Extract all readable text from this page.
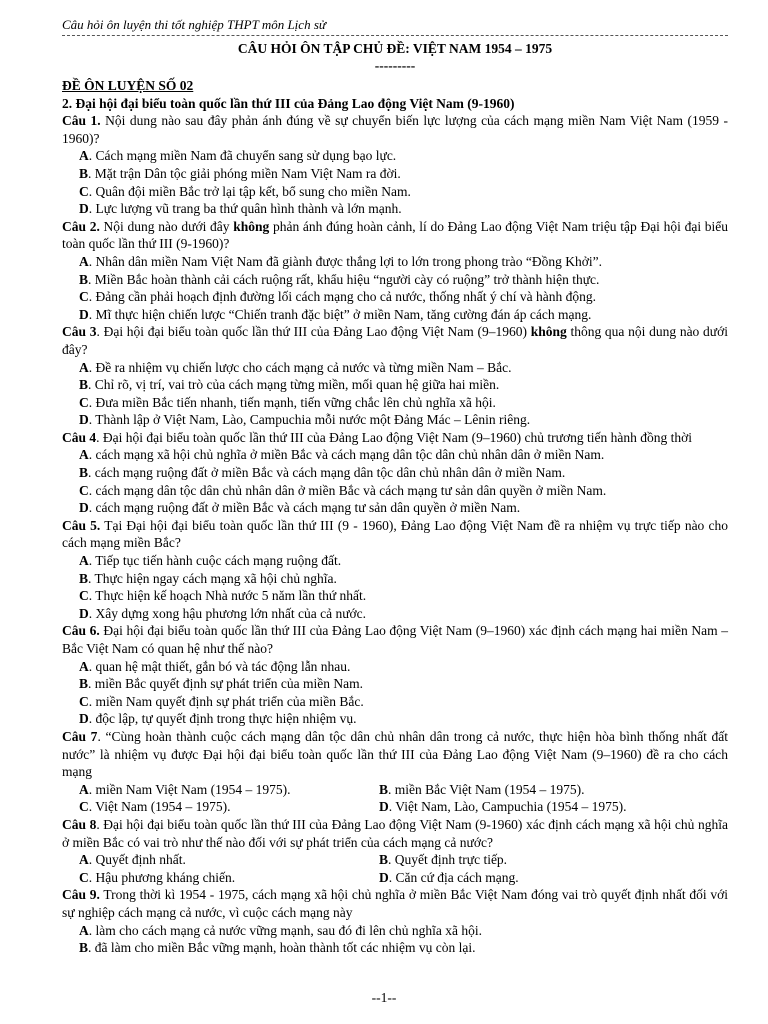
Câu hỏi ôn luyện thi tốt nghiệp THPT môn Lịch sử
CÂU HỎI ÔN TẬP CHỦ ĐỀ: VIỆT NAM 1954 – 1975
---------
ĐỀ ÔN LUYỆN SỐ 02
2. Đại hội đại biểu toàn quốc lần thứ III của Đảng Lao động Việt Nam (9-1960)
Câu 1. Nội dung nào sau đây phản ánh đúng về sự chuyển biến lực lượng của cách mạng miền Nam Việt Nam (1959 - 1960)?
A. Cách mạng miền Nam đã chuyển sang sử dụng bạo lực.
B. Mặt trận Dân tộc giải phóng miền Nam Việt Nam ra đời.
C. Quân đội miền Bắc trở lại tập kết, bổ sung cho miền Nam.
D. Lực lượng vũ trang ba thứ quân hình thành và lớn mạnh.
Câu 2. Nội dung nào dưới đây không phản ánh đúng hoàn cảnh, lí do Đảng Lao động Việt Nam triệu tập Đại hội đại biểu toàn quốc lần thứ III (9-1960)?
A. Nhân dân miền Nam Việt Nam đã giành được thắng lợi to lớn trong phong trào “Đồng Khởi”.
B. Miền Bắc hoàn thành cải cách ruộng rất, khẩu hiệu “người cày có ruộng” trở thành hiện thực.
C. Đảng cần phải hoạch định đường lối cách mạng cho cả nước, thống nhất ý chí và hành động.
D. Mĩ thực hiện chiến lược “Chiến tranh đặc biệt” ở miền Nam, tăng cường đán áp cách mạng.
Câu 3. Đại hội đại biểu toàn quốc lần thứ III của Đảng Lao động Việt Nam (9–1960) không thông qua nội dung nào dưới đây?
A. Đề ra nhiệm vụ chiến lược cho cách mạng cả nước và từng miền Nam – Bắc.
B. Chỉ rõ, vị trí, vai trò của cách mạng từng miền, mối quan hệ giữa hai miền.
C. Đưa miền Bắc tiến nhanh, tiến mạnh, tiến vững chắc lên chủ nghĩa xã hội.
D. Thành lập ở Việt Nam, Lào, Campuchia mỗi nước một Đảng Mác – Lênin riêng.
Câu 4. Đại hội đại biểu toàn quốc lần thứ III của Đảng Lao động Việt Nam (9–1960) chủ trương tiến hành đồng thời
A. cách mạng xã hội chủ nghĩa ở miền Bắc và cách mạng dân tộc dân chủ nhân dân ở miền Nam.
B. cách mạng ruộng đất ở miền Bắc và cách mạng dân tộc dân chủ nhân dân ở miền Nam.
C. cách mạng dân tộc dân chủ nhân dân ở miền Bắc và cách mạng tư sản dân quyền ở miền Nam.
D. cách mạng ruộng đất ở miền Bắc và cách mạng tư sản dân quyền ở miền Nam.
Câu 5. Tại Đại hội đại biểu toàn quốc lần thứ III (9 - 1960), Đảng Lao động Việt Nam đề ra nhiệm vụ trực tiếp nào cho cách mạng miền Bắc?
A. Tiếp tục tiến hành cuộc cách mạng ruộng đất.
B. Thực hiện ngay cách mạng xã hội chủ nghĩa.
C. Thực hiện kế hoạch Nhà nước 5 năm lần thứ nhất.
D. Xây dựng xong hậu phương lớn nhất của cả nước.
Câu 6. Đại hội đại biểu toàn quốc lần thứ III của Đảng Lao động Việt Nam (9–1960) xác định cách mạng hai miền Nam – Bắc Việt Nam có quan hệ như thế nào?
A. quan hệ mật thiết, gắn bó và tác động lẫn nhau.
B. miền Bắc quyết định sự phát triển của miền Nam.
C. miền Nam quyết định sự phát triển của miền Bắc.
D. độc lập, tự quyết định trong thực hiện nhiệm vụ.
Câu 7. “Cùng hoàn thành cuộc cách mạng dân tộc dân chủ nhân dân trong cả nước, thực hiện hòa bình thống nhất đất nước” là nhiệm vụ được Đại hội đại biểu toàn quốc lần thứ III của Đảng Lao động Việt Nam (9–1960) đề ra cho cách mạng
A. miền Nam Việt Nam (1954 – 1975).	B. miền Bắc Việt Nam (1954 – 1975).
C. Việt Nam (1954 – 1975).	D. Việt Nam, Lào, Campuchia (1954 – 1975).
Câu 8. Đại hội đại biểu toàn quốc lần thứ III của Đảng Lao động Việt Nam (9-1960) xác định cách mạng xã hội chủ nghĩa ở miền Bắc có vai trò như thế nào đối với sự phát triển của cách mạng cả nước?
A. Quyết định nhất.	B. Quyết định trực tiếp.
C. Hậu phương kháng chiến.	D. Căn cứ địa cách mạng.
Câu 9. Trong thời kì 1954 - 1975, cách mạng xã hội chủ nghĩa ở miền Bắc Việt Nam đóng vai trò quyết định nhất đối với sự nghiệp cách mạng cả nước, vì cuộc cách mạng này
A. làm cho cách mạng cả nước vững mạnh, sau đó đi lên chủ nghĩa xã hội.
B. đã làm cho miền Bắc vững mạnh, hoàn thành tốt các nhiệm vụ còn lại.
--1--
